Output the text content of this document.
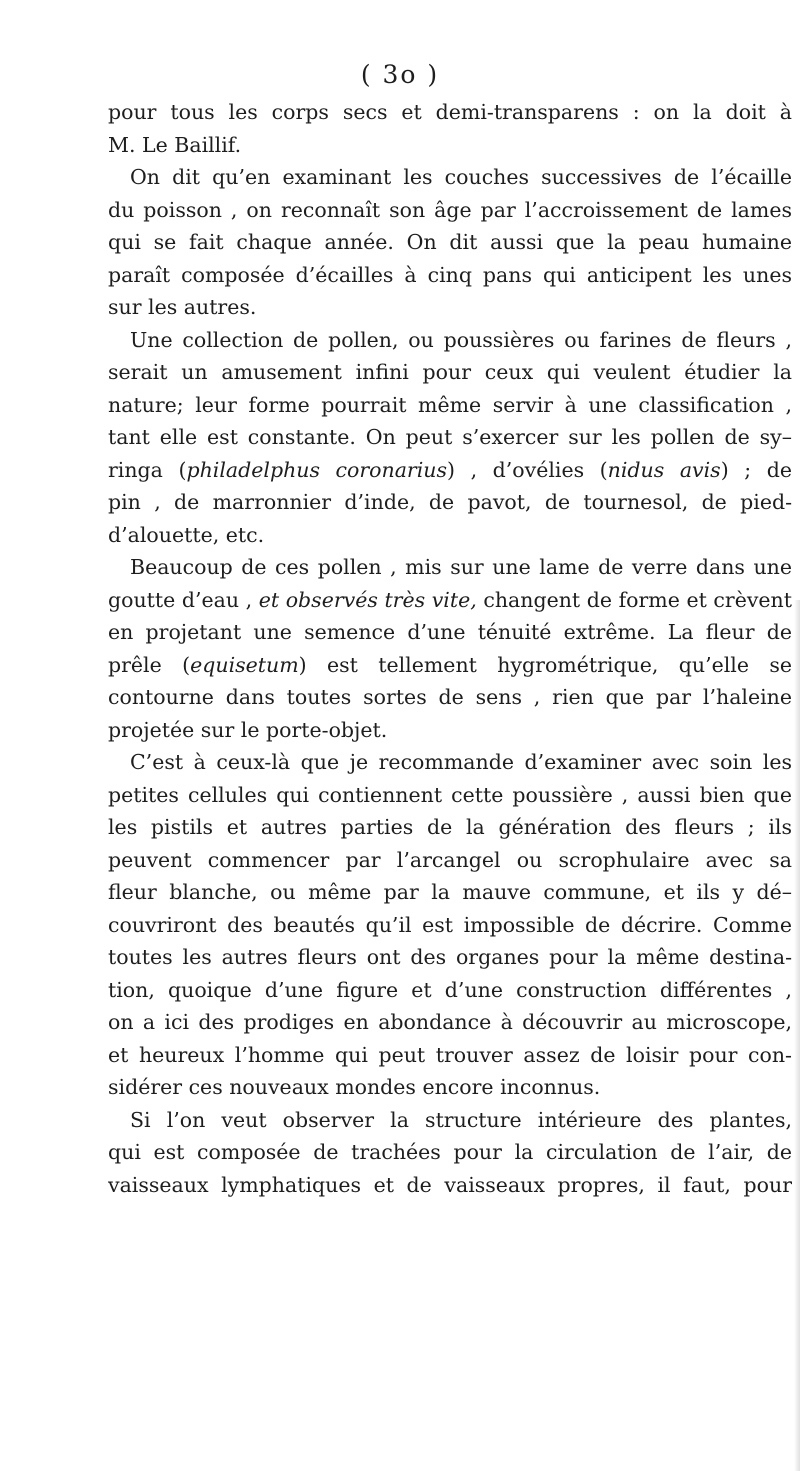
( 3o )
pour tous les corps secs et demi-transparens : on la doit à
M. Le Baillif.
On dit qu’en examinant les couches successives de l’écaille
du poisson , on reconnaît son âge par l’accroissement de lames
qui se fait chaque année. On dit aussi que la peau humaine
paraît composée d’écailles à cinq pans qui anticipent les unes
sur les autres.
Une collection de pollen, ou poussières ou farines de fleurs ,
serait un amusement infini pour ceux qui veulent étudier la
nature; leur forme pourrait même servir à une classification ,
tant elle est constante. On peut s’exercer sur les pollen de sy–
ringa (philadelphus coronarius) , d’ovélies (nidus avis) ; de
pin , de marronnier d’inde, de pavot, de tournesol, de pied-
d’alouette, etc.
Beaucoup de ces pollen , mis sur une lame de verre dans une
goutte d’eau , et observés très vite, changent de forme et crèvent
en projetant une semence d’une ténuité extrême. La fleur de
prêle (equisetum) est tellement hygrométrique, qu’elle se
contourne dans toutes sortes de sens , rien que par l’haleine
projetée sur le porte-objet.
C’est à ceux-là que je recommande d’examiner avec soin les
petites cellules qui contiennent cette poussière , aussi bien que
les pistils et autres parties de la génération des fleurs ; ils
peuvent commencer par l’arcangel ou scrophulaire avec sa
fleur blanche, ou même par la mauve commune, et ils y dé–
couvriront des beautés qu’il est impossible de décrire. Comme
toutes les autres fleurs ont des organes pour la même destina-
tion, quoique d’une figure et d’une construction différentes ,
on a ici des prodiges en abondance à découvrir au microscope,
et heureux l’homme qui peut trouver assez de loisir pour con-
sidérer ces nouveaux mondes encore inconnus.
Si l’on veut observer la structure intérieure des plantes,
qui est composée de trachées pour la circulation de l’air, de
vaisseaux lymphatiques et de vaisseaux propres, il faut, pour
